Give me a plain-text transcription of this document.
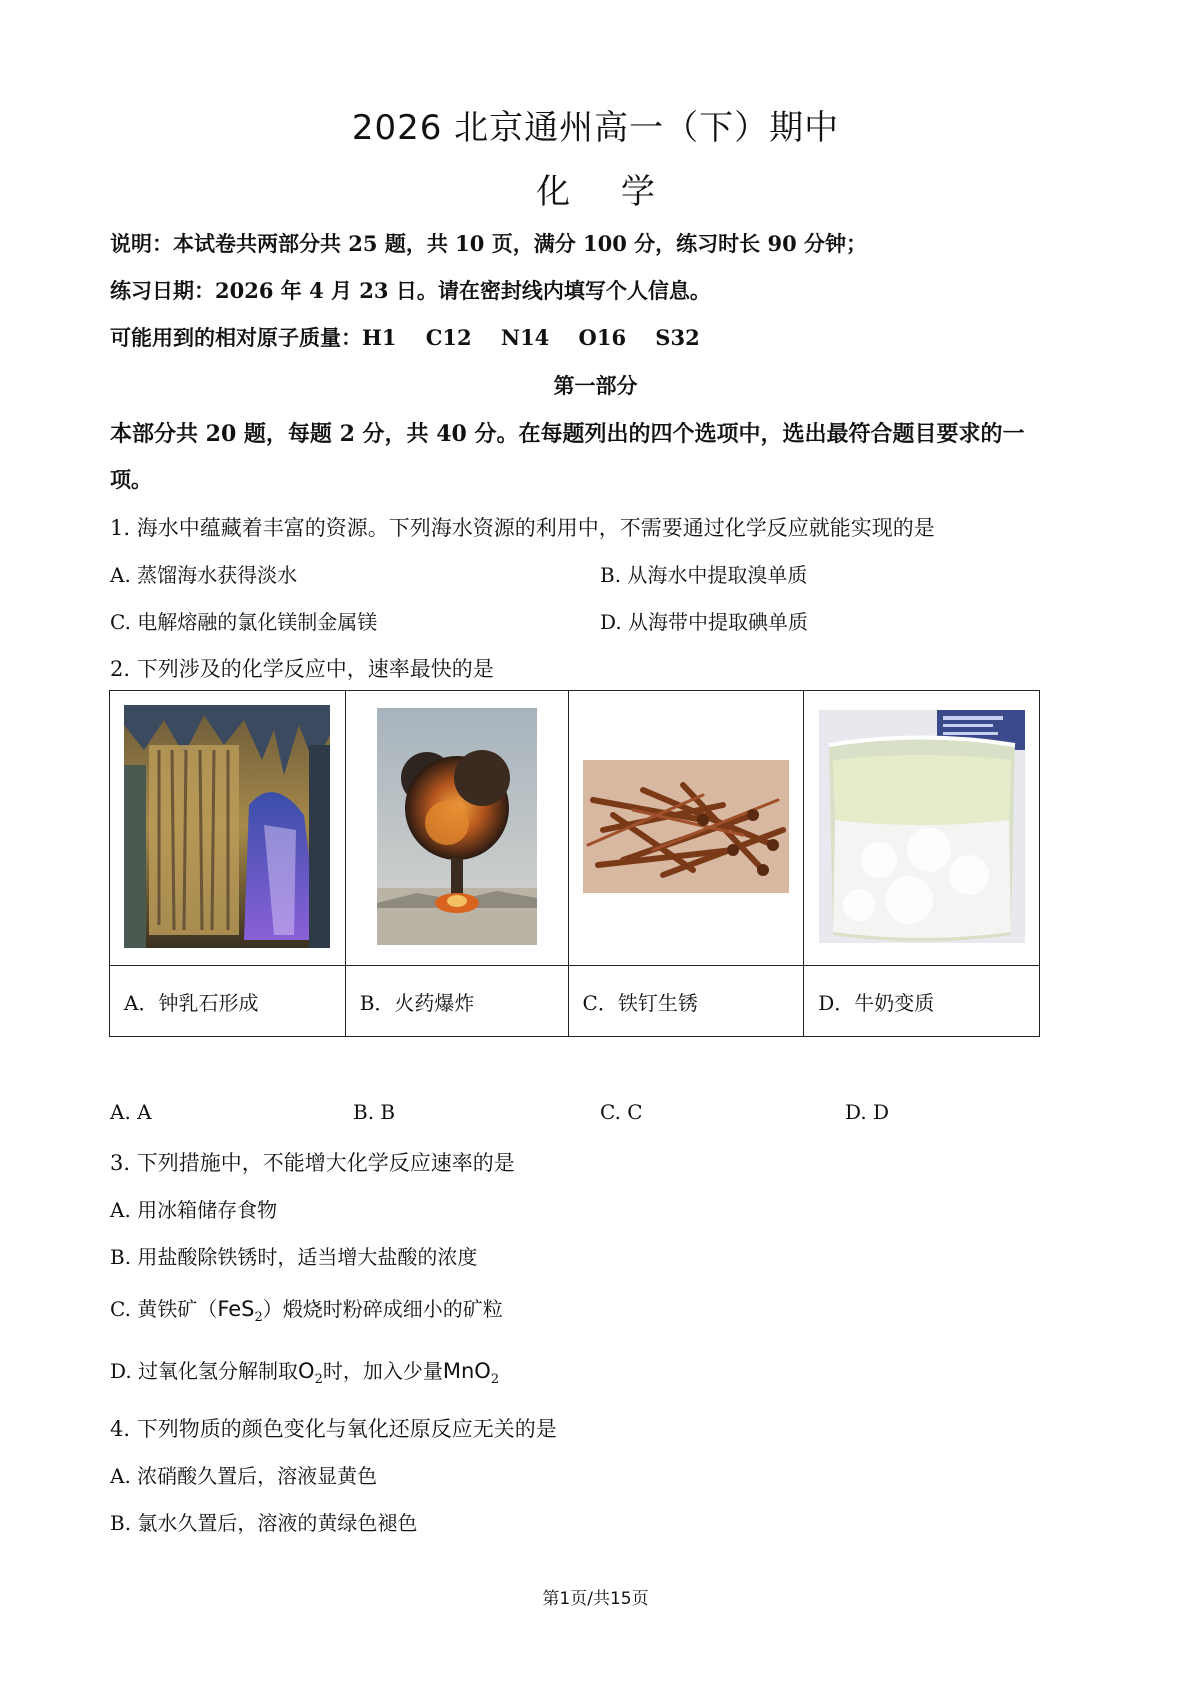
2026 北京通州高一（下）期中
化 学
说明：本试卷共两部分共 25 题，共 10 页，满分 100 分，练习时长 90 分钟；
练习日期：2026 年 4 月 23 日。请在密封线内填写个人信息。
可能用到的相对原子质量：H1    C12    N14    O16    S32
第一部分
本部分共 20 题，每题 2 分，共 40 分。在每题列出的四个选项中，选出最符合题目要求的一
项。
1. 海水中蕴藏着丰富的资源。下列海水资源的利用中，不需要通过化学反应就能实现的是
A. 蒸馏海水获得淡水	B. 从海水中提取溴单质
C. 电解熔融的氯化镁制金属镁	D. 从海带中提取碘单质
2. 下列涉及的化学反应中，速率最快的是

A．钟乳石形成	B．火药爆炸	C．铁钉生锈	D．牛奶变质
A. A	B. B	C. C	D. D
3. 下列措施中，不能增大化学反应速率的是
A. 用冰箱储存食物
B. 用盐酸除铁锈时，适当增大盐酸的浓度
C. 黄铁矿（FeS$_2$）煅烧时粉碎成细小的矿粒
D. 过氧化氢分解制取$O_2$时，加入少量MnO$_2$
4. 下列物质的颜色变化与氧化还原反应无关的是
A. 浓硝酸久置后，溶液显黄色
B. 氯水久置后，溶液的黄绿色褪色
第1页/共15页
